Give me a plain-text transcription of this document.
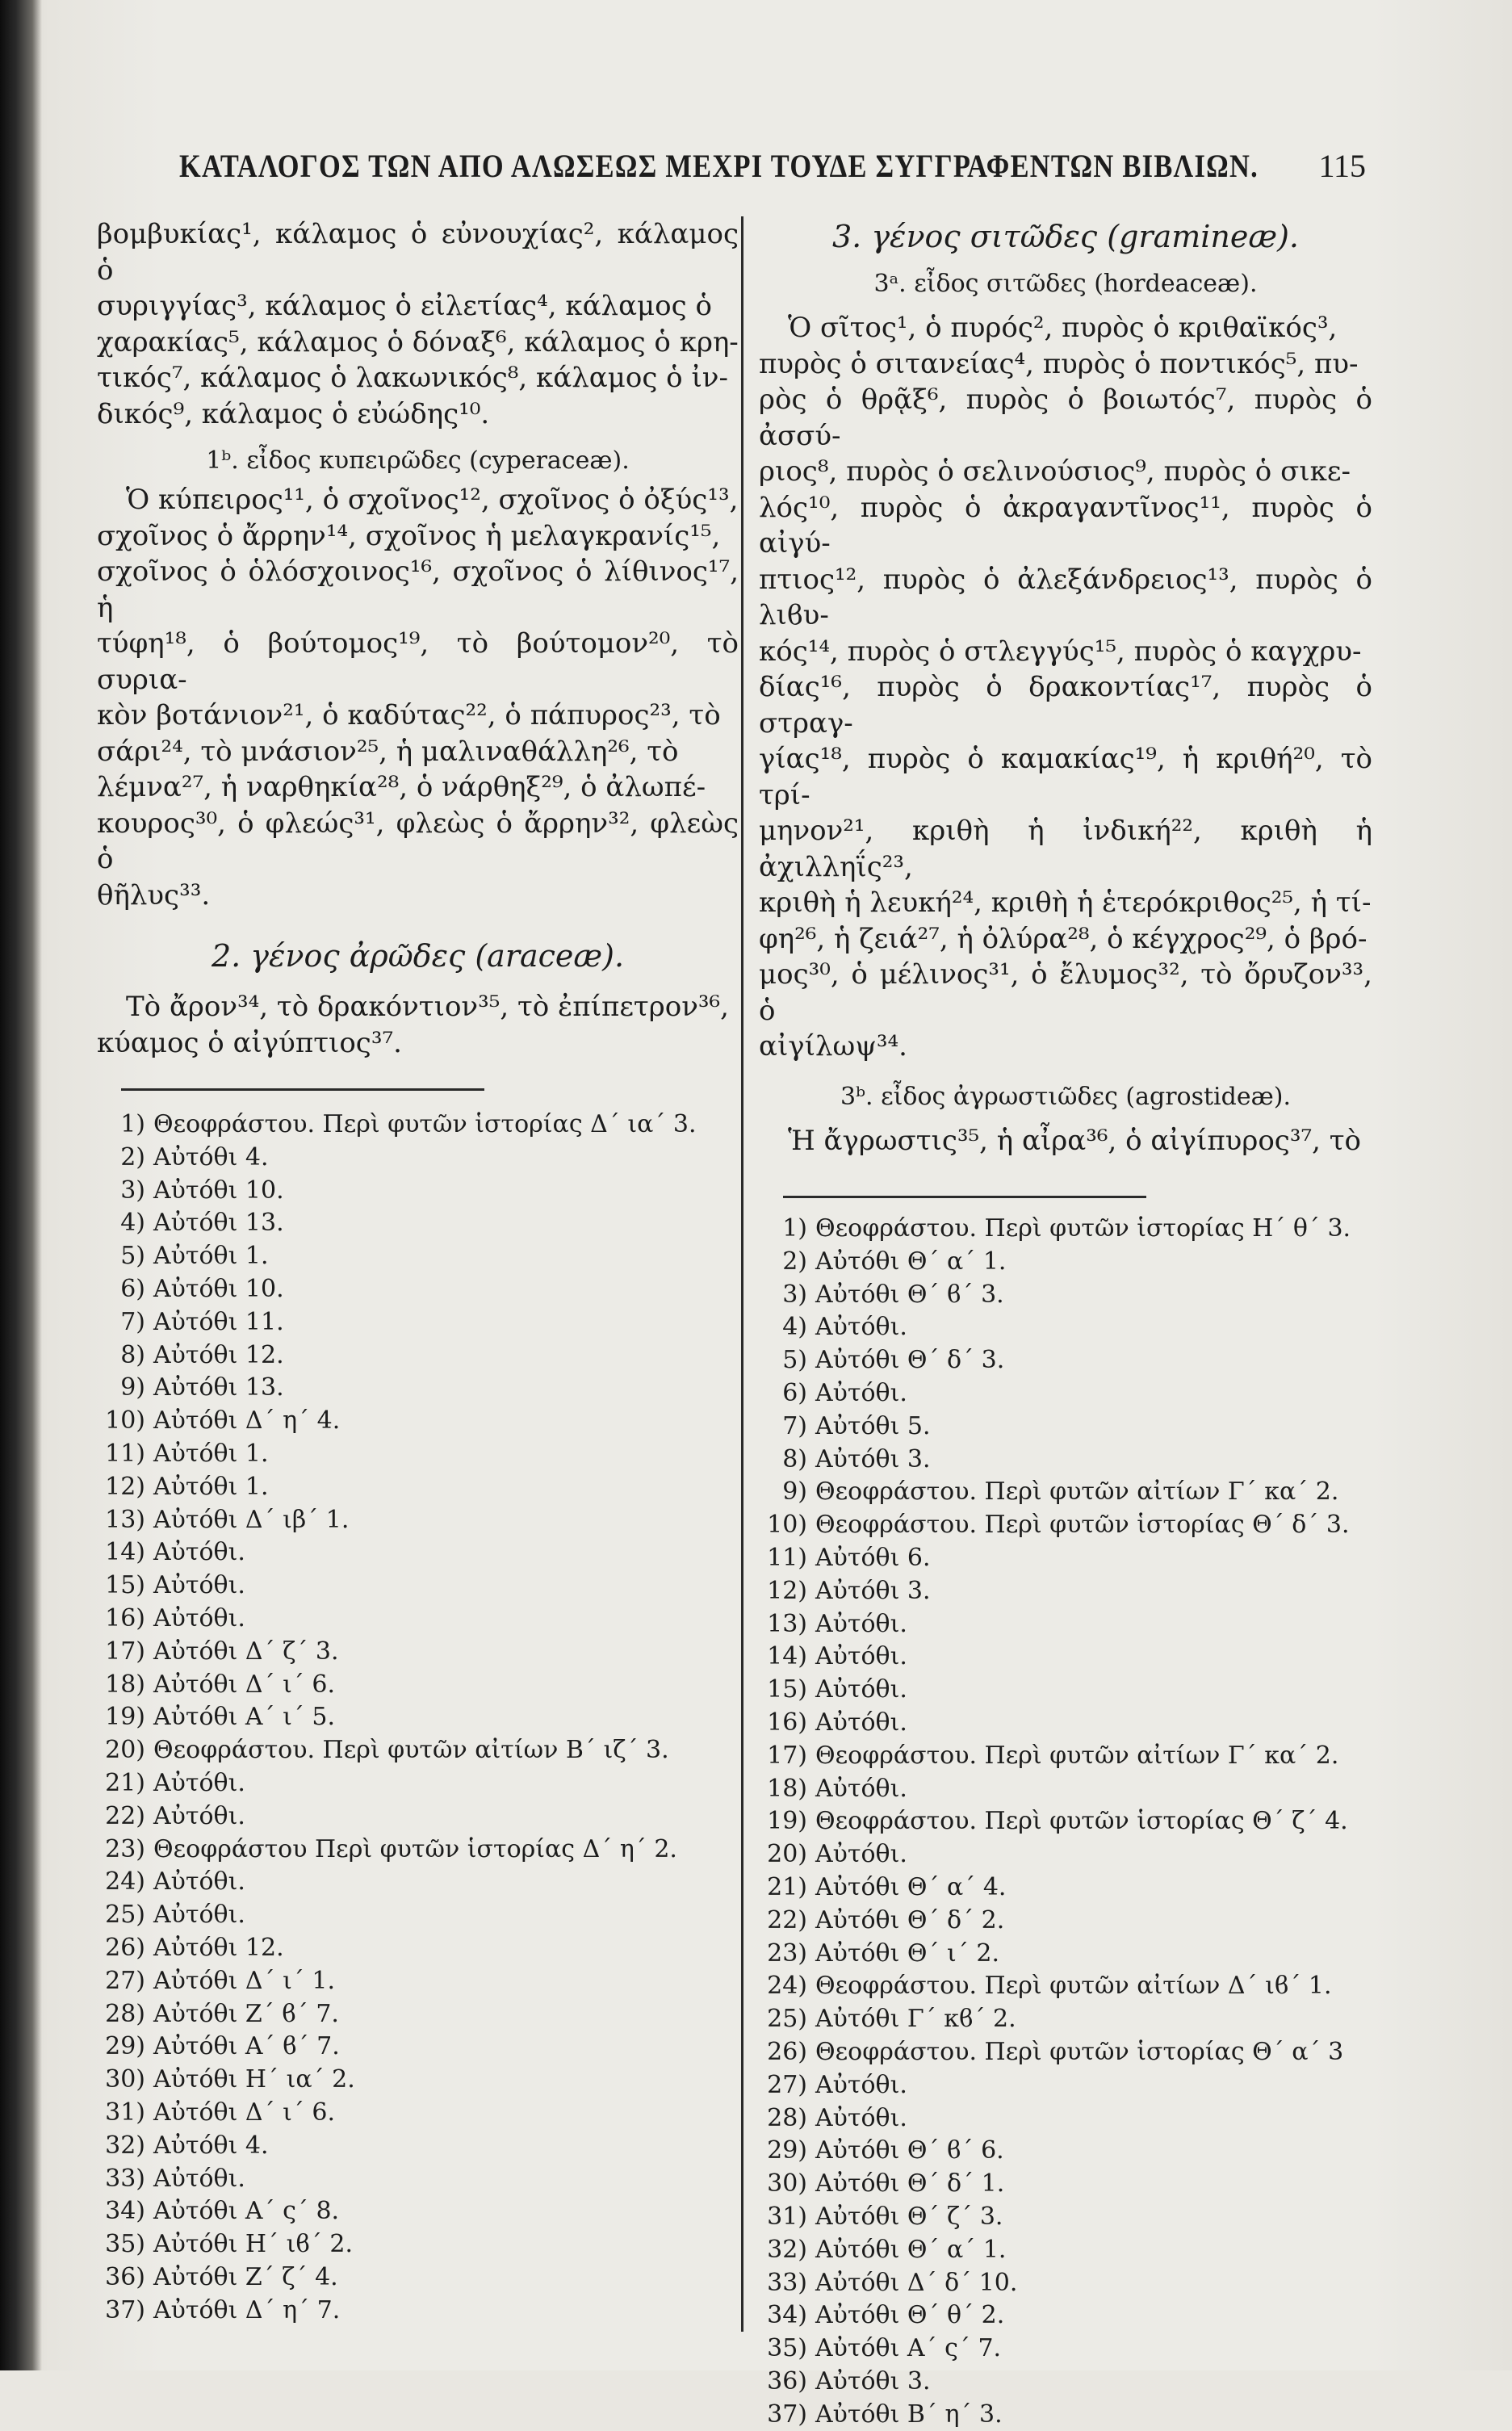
ΚΑΤΑΛΟΓΟΣ ΤΩΝ ΑΠΟ ΑΛΩΣΕΩΣ ΜΕΧΡΙ ΤΟΥΔΕ ΣΥΓΓΡΑΦΕΝΤΩΝ ΒΙΒΛΙΩΝ. 115

βομβυκίας¹, κάλαμος ὁ εὐνουχίας², κάλαμος ὁ
συριγγίας³, κάλαμος ὁ εἰλετίας⁴, κάλαμος ὁ
χαρακίας⁵, κάλαμος ὁ δόναξ⁶, κάλαμος ὁ κρη-
τικός⁷, κάλαμος ὁ λακωνικός⁸, κάλαμος ὁ ἰν-
δικός⁹, κάλαμος ὁ εὐώδης¹⁰.

1ᵇ. εἶδος κυπειρῶδες (cyperaceæ).

Ὁ κύπειρος¹¹, ὁ σχοῖνος¹², σχοῖνος ὁ ὀξύς¹³,
σχοῖνος ὁ ἄρρην¹⁴, σχοῖνος ἡ μελαγκρανίς¹⁵,
σχοῖνος ὁ ὁλόσχοινος¹⁶, σχοῖνος ὁ λίθινος¹⁷, ἡ
τύφη¹⁸, ὁ βούτομος¹⁹, τὸ βούτομον²⁰, τὸ συρια-
κὸν βοτάνιον²¹, ὁ καδύτας²², ὁ πάπυρος²³, τὸ
σάρι²⁴, τὸ μνάσιον²⁵, ἡ μαλιναθάλλη²⁶, τὸ
λέμνα²⁷, ἡ ναρθηκία²⁸, ὁ νάρθηξ²⁹, ὁ ἀλωπέ-
κουρος³⁰, ὁ φλεώς³¹, φλεὼς ὁ ἄρρην³², φλεὼς ὁ
θῆλυς³³.

2. γένος ἀρῶδες (araceæ).

Τὸ ἄρον³⁴, τὸ δρακόντιον³⁵, τὸ ἐπίπετρον³⁶,
κύαμος ὁ αἰγύπτιος³⁷.

1) Θεοφράστου. Περὶ φυτῶν ἱστορίας Δ΄ ια΄ 3.
2) Αὐτόθι 4.
3) Αὐτόθι 10.
4) Αὐτόθι 13.
5) Αὐτόθι 1.
6) Αὐτόθι 10.
7) Αὐτόθι 11.
8) Αὐτόθι 12.
9) Αὐτόθι 13.
10) Αὐτόθι Δ΄ η΄ 4.
11) Αὐτόθι 1.
12) Αὐτόθι 1.
13) Αὐτόθι Δ΄ ιβ΄ 1.
14) Αὐτόθι.
15) Αὐτόθι.
16) Αὐτόθι.
17) Αὐτόθι Δ΄ ζ΄ 3.
18) Αὐτόθι Δ΄ ι΄ 6.
19) Αὐτόθι Α΄ ι΄ 5.
20) Θεοφράστου. Περὶ φυτῶν αἰτίων Β΄ ιζ΄ 3.
21) Αὐτόθι.
22) Αὐτόθι.
23) Θεοφράστου Περὶ φυτῶν ἱστορίας Δ΄ η΄ 2.
24) Αὐτόθι.
25) Αὐτόθι.
26) Αὐτόθι 12.
27) Αὐτόθι Δ΄ ι΄ 1.
28) Αὐτόθι Ζ΄ ϐ΄ 7.
29) Αὐτόθι Α΄ ϐ΄ 7.
30) Αὐτόθι Η΄ ια΄ 2.
31) Αὐτόθι Δ΄ ι΄ 6.
32) Αὐτόθι 4.
33) Αὐτόθι.
34) Αὐτόθι Α΄ ς΄ 8.
35) Αὐτόθι Η΄ ιϐ΄ 2.
36) Αὐτόθι Ζ΄ ζ΄ 4.
37) Αὐτόθι Δ΄ η΄ 7.

3. γένος σιτῶδες (gramineæ).

3ᵃ. εἶδος σιτῶδες (hordeaceæ).

Ὁ σῖτος¹, ὁ πυρός², πυρὸς ὁ κριθαϊκός³,
πυρὸς ὁ σιτανείας⁴, πυρὸς ὁ ποντικός⁵, πυ-
ρὸς ὁ θρᾷξ⁶, πυρὸς ὁ βοιωτός⁷, πυρὸς ὁ ἀσσύ-
ριος⁸, πυρὸς ὁ σελινούσιος⁹, πυρὸς ὁ σικε-
λός¹⁰, πυρὸς ὁ ἀκραγαντῖνος¹¹, πυρὸς ὁ αἰγύ-
πτιος¹², πυρὸς ὁ ἀλεξάνδρειος¹³, πυρὸς ὁ λιϐυ-
κός¹⁴, πυρὸς ὁ στλεγγύς¹⁵, πυρὸς ὁ καγχρυ-
δίας¹⁶, πυρὸς ὁ δρακοντίας¹⁷, πυρὸς ὁ στραγ-
γίας¹⁸, πυρὸς ὁ καμακίας¹⁹, ἡ κριθή²⁰, τὸ τρί-
μηνον²¹, κριθὴ ἡ ἰνδική²², κριθὴ ἡ ἀχιλληΐς²³,
κριθὴ ἡ λευκή²⁴, κριθὴ ἡ ἑτερόκριθος²⁵, ἡ τί-
φη²⁶, ἡ ζειά²⁷, ἡ ὀλύρα²⁸, ὁ κέγχρος²⁹, ὁ βρό-
μος³⁰, ὁ μέλινος³¹, ὁ ἔλυμος³², τὸ ὄρυζον³³, ὁ
αἰγίλωψ³⁴.

3ᵇ. εἶδος ἀγρωστιῶδες (agrostideæ).

Ἡ ἄγρωστις³⁵, ἡ αἶρα³⁶, ὁ αἰγίπυρος³⁷, τὸ

1) Θεοφράστου. Περὶ φυτῶν ἱστορίας Η΄ θ΄ 3.
2) Αὐτόθι Θ΄ α΄ 1.
3) Αὐτόθι Θ΄ ϐ΄ 3.
4) Αὐτόθι.
5) Αὐτόθι Θ΄ δ΄ 3.
6) Αὐτόθι.
7) Αὐτόθι 5.
8) Αὐτόθι 3.
9) Θεοφράστου. Περὶ φυτῶν αἰτίων Γ΄ κα΄ 2.
10) Θεοφράστου. Περὶ φυτῶν ἱστορίας Θ΄ δ΄ 3.
11) Αὐτόθι 6.
12) Αὐτόθι 3.
13) Αὐτόθι.
14) Αὐτόθι.
15) Αὐτόθι.
16) Αὐτόθι.
17) Θεοφράστου. Περὶ φυτῶν αἰτίων Γ΄ κα΄ 2.
18) Αὐτόθι.
19) Θεοφράστου. Περὶ φυτῶν ἱστορίας Θ΄ ζ΄ 4.
20) Αὐτόθι.
21) Αὐτόθι Θ΄ α΄ 4.
22) Αὐτόθι Θ΄ δ΄ 2.
23) Αὐτόθι Θ΄ ι΄ 2.
24) Θεοφράστου. Περὶ φυτῶν αἰτίων Δ΄ ιϐ΄ 1.
25) Αὐτόθι Γ΄ κϐ΄ 2.
26) Θεοφράστου. Περὶ φυτῶν ἱστορίας Θ΄ α΄ 3
27) Αὐτόθι.
28) Αὐτόθι.
29) Αὐτόθι Θ΄ ϐ΄ 6.
30) Αὐτόθι Θ΄ δ΄ 1.
31) Αὐτόθι Θ΄ ζ΄ 3.
32) Αὐτόθι Θ΄ α΄ 1.
33) Αὐτόθι Δ΄ δ΄ 10.
34) Αὐτόθι Θ΄ θ΄ 2.
35) Αὐτόθι Α΄ ς΄ 7.
36) Αὐτόθι 3.
37) Αὐτόθι Β΄ η΄ 3.
